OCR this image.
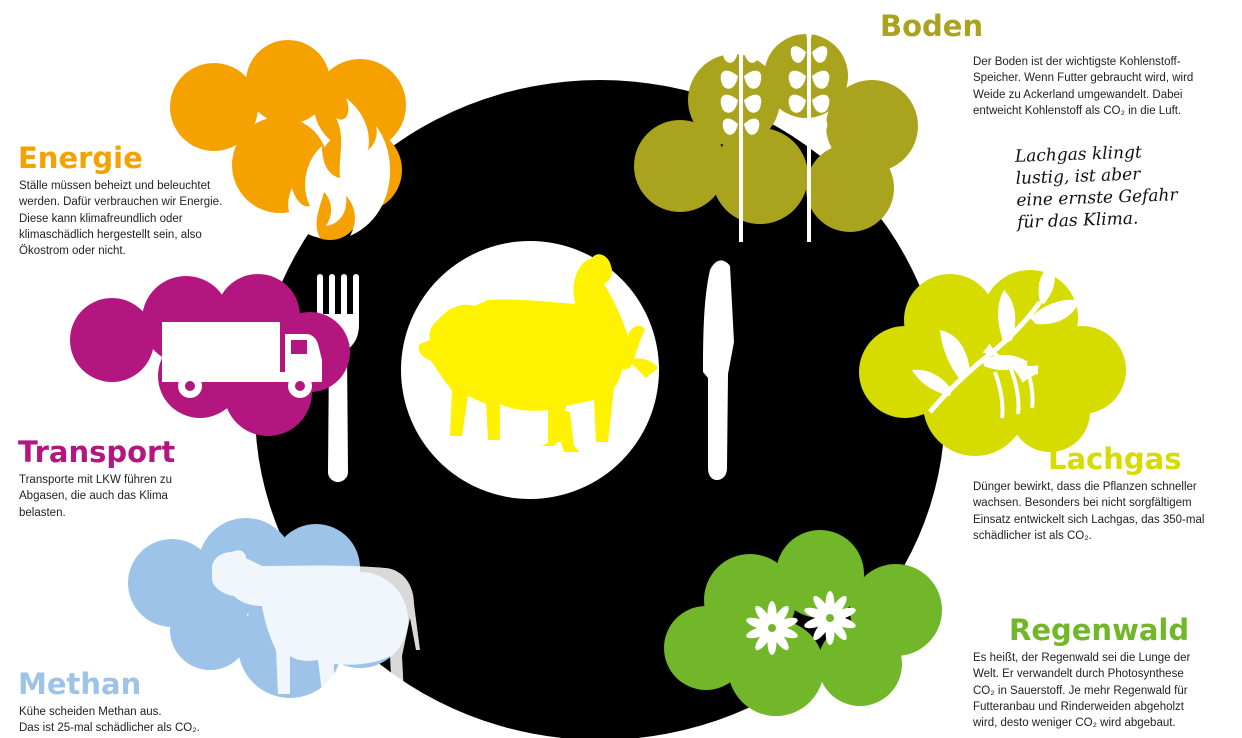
Energie
Ställe müssen beheizt und beleuchtet
werden. Dafür verbrauchen wir Energie.
Diese kann klimafreundlich oder
klimaschädlich hergestellt sein, also
Ökostrom oder nicht.
Transport
Transporte mit LKW führen zu
Abgasen, die auch das Klima
belasten.
Methan
Kühe scheiden Methan aus.
Das ist 25-mal schädlicher als CO₂.
Boden
Der Boden ist der wichtigste Kohlenstoff-
Speicher. Wenn Futter gebraucht wird, wird
Weide zu Ackerland umgewandelt. Dabei
entweicht Kohlenstoff als CO₂ in die Luft.
Lachgas klingt
lustig, ist aber
eine ernste Gefahr
für das Klima.
Lachgas
Dünger bewirkt, dass die Pflanzen schneller
wachsen. Besonders bei nicht sorgfältigem
Einsatz entwickelt sich Lachgas, das 350-mal
schädlicher ist als CO₂.
Regenwald
Es heißt, der Regenwald sei die Lunge der
Welt. Er verwandelt durch Photosynthese
CO₂ in Sauerstoff. Je mehr Regenwald für
Futteranbau und Rinderweiden abgeholzt
wird, desto weniger CO₂ wird abgebaut.
